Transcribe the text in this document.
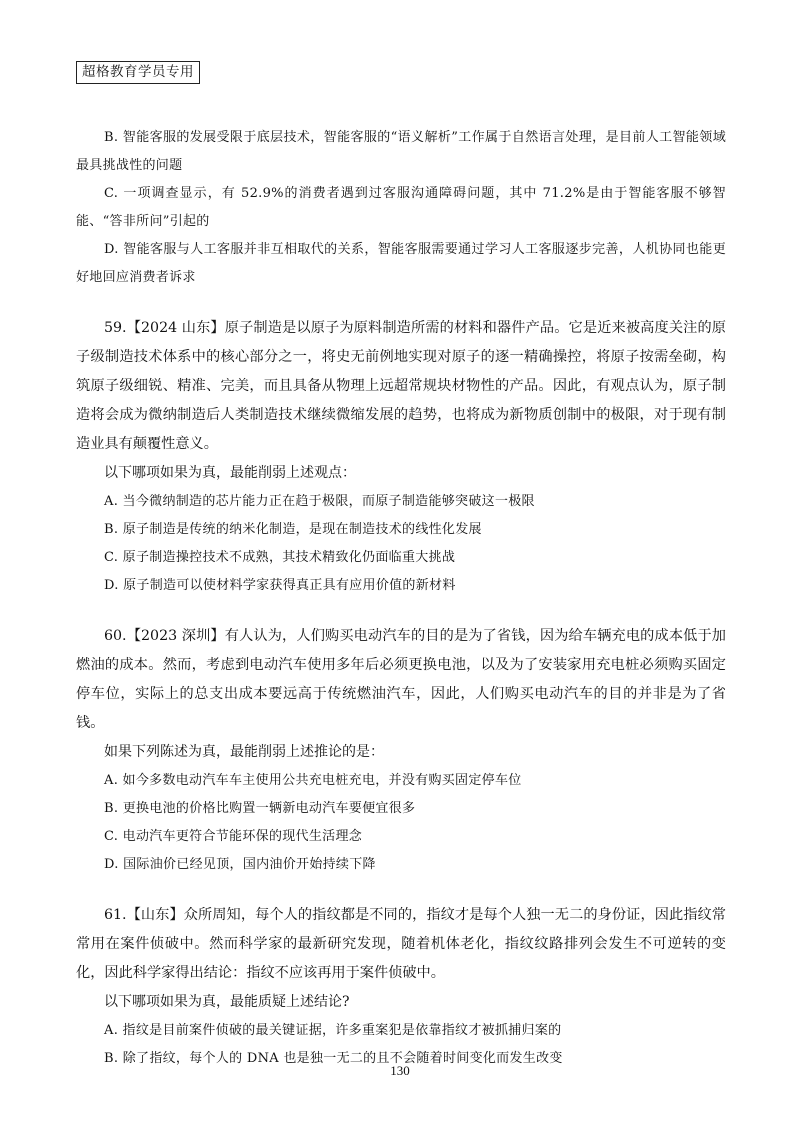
超格教育学员专用

B. 智能客服的发展受限于底层技术，智能客服的“语义解析”工作属于自然语言处理，是目前人工智能领域最具挑战性的问题

C. 一项调查显示，有 52.9%的消费者遇到过客服沟通障碍问题，其中 71.2%是由于智能客服不够智能、“答非所问”引起的

D. 智能客服与人工客服并非互相取代的关系，智能客服需要通过学习人工客服逐步完善，人机协同也能更好地回应消费者诉求

59.【2024 山东】原子制造是以原子为原料制造所需的材料和器件产品。它是近来被高度关注的原子级制造技术体系中的核心部分之一，将史无前例地实现对原子的逐一精确操控，将原子按需垒砌，构筑原子级细锐、精准、完美，而且具备从物理上远超常规块材物性的产品。因此，有观点认为，原子制造将会成为微纳制造后人类制造技术继续微缩发展的趋势，也将成为新物质创制中的极限，对于现有制造业具有颠覆性意义。

以下哪项如果为真，最能削弱上述观点：

A. 当今微纳制造的芯片能力正在趋于极限，而原子制造能够突破这一极限

B. 原子制造是传统的纳米化制造，是现在制造技术的线性化发展

C. 原子制造操控技术不成熟，其技术精致化仍面临重大挑战

D. 原子制造可以使材料学家获得真正具有应用价值的新材料

60.【2023 深圳】有人认为，人们购买电动汽车的目的是为了省钱，因为给车辆充电的成本低于加燃油的成本。然而，考虑到电动汽车使用多年后必须更换电池，以及为了安装家用充电桩必须购买固定停车位，实际上的总支出成本要远高于传统燃油汽车，因此，人们购买电动汽车的目的并非是为了省钱。

如果下列陈述为真，最能削弱上述推论的是：

A. 如今多数电动汽车车主使用公共充电桩充电，并没有购买固定停车位

B. 更换电池的价格比购置一辆新电动汽车要便宜很多

C. 电动汽车更符合节能环保的现代生活理念

D. 国际油价已经见顶，国内油价开始持续下降

61.【山东】众所周知，每个人的指纹都是不同的，指纹才是每个人独一无二的身份证，因此指纹常常用在案件侦破中。然而科学家的最新研究发现，随着机体老化，指纹纹路排列会发生不可逆转的变化，因此科学家得出结论：指纹不应该再用于案件侦破中。

以下哪项如果为真，最能质疑上述结论?

A. 指纹是目前案件侦破的最关键证据，许多重案犯是依靠指纹才被抓捕归案的

B. 除了指纹，每个人的 DNA 也是独一无二的且不会随着时间变化而发生改变

130
